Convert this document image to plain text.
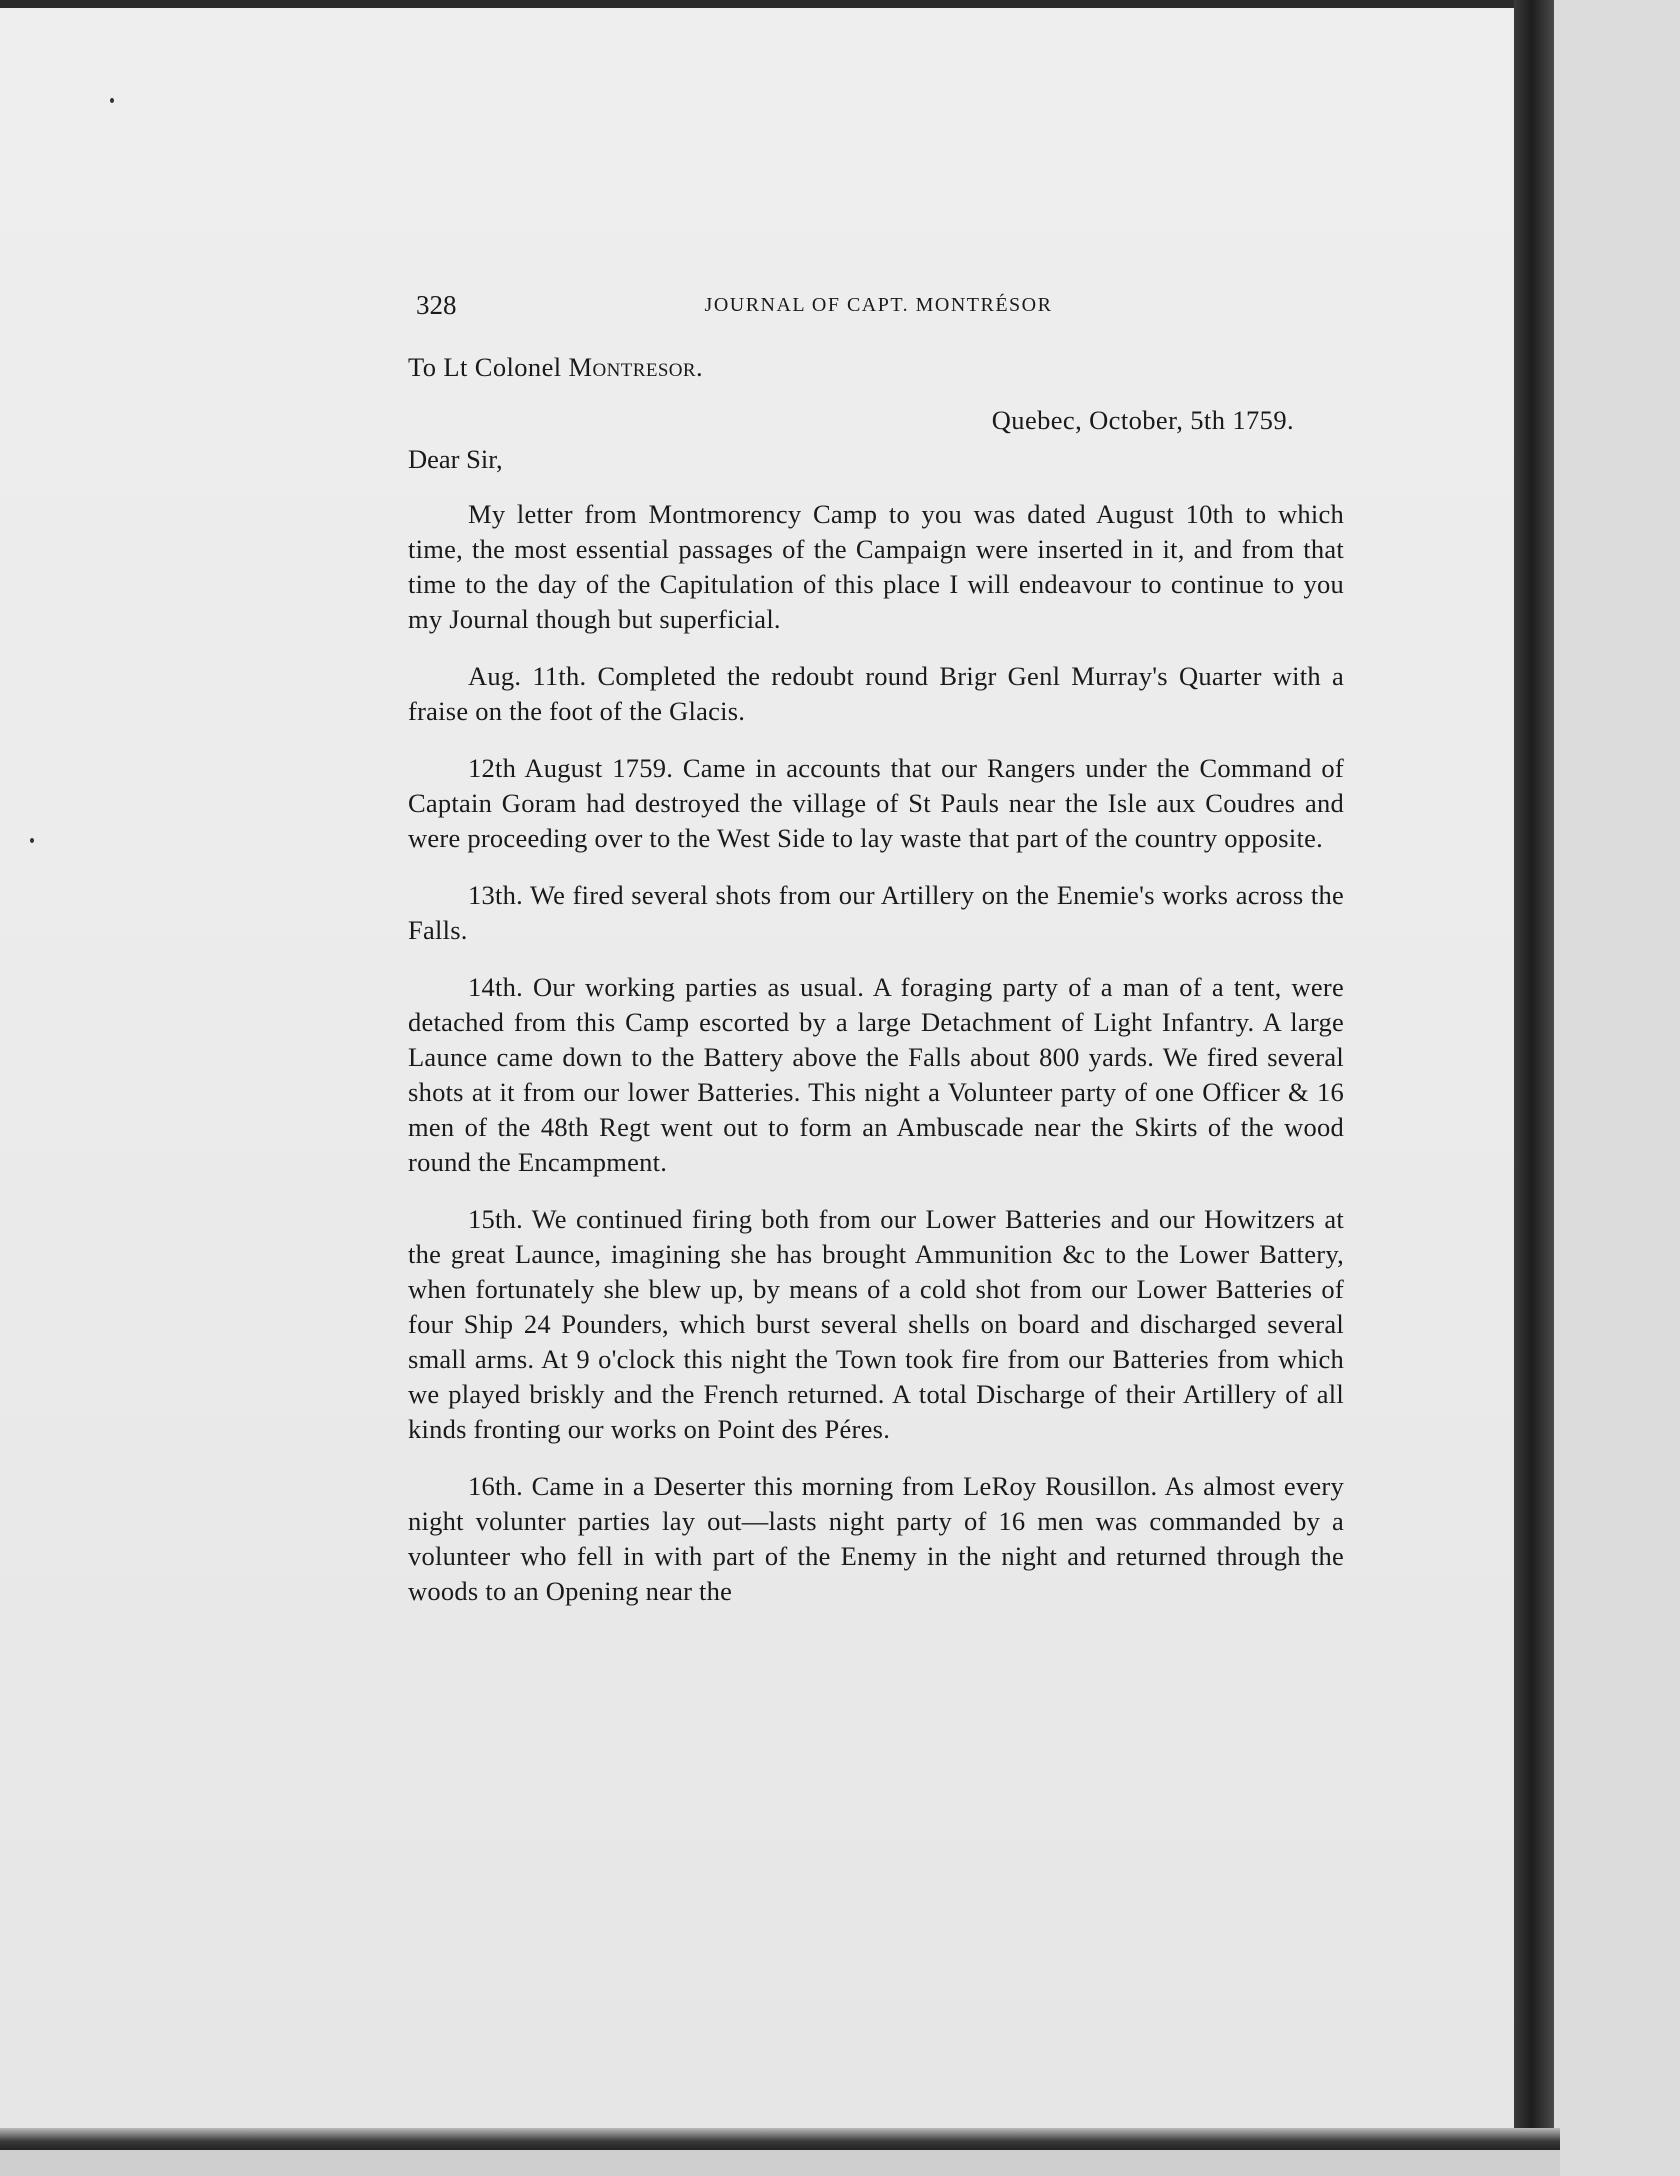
328	JOURNAL OF CAPT. MONTRÉSOR

To Lt Colonel Montresor.

Quebec, October, 5th 1759.

Dear Sir,

My letter from Montmorency Camp to you was dated August 10th to which time, the most essential passages of the Campaign were inserted in it, and from that time to the day of the Capitulation of this place I will endeavour to continue to you my Journal though but superficial.

Aug. 11th. Completed the redoubt round Brigr Genl Murray's Quarter with a fraise on the foot of the Glacis.

12th August 1759. Came in accounts that our Rangers under the Command of Captain Goram had destroyed the village of St Pauls near the Isle aux Coudres and were proceeding over to the West Side to lay waste that part of the country opposite.

13th. We fired several shots from our Artillery on the Enemie's works across the Falls.

14th. Our working parties as usual. A foraging party of a man of a tent, were detached from this Camp escorted by a large Detachment of Light Infantry. A large Launce came down to the Battery above the Falls about 800 yards. We fired several shots at it from our lower Batteries. This night a Volunteer party of one Officer & 16 men of the 48th Regt went out to form an Ambuscade near the Skirts of the wood round the Encampment.

15th. We continued firing both from our Lower Batteries and our Howitzers at the great Launce, imagining she has brought Ammunition &c to the Lower Battery, when fortunately she blew up, by means of a cold shot from our Lower Batteries of four Ship 24 Pounders, which burst several shells on board and discharged several small arms. At 9 o'clock this night the Town took fire from our Batteries from which we played briskly and the French returned. A total Discharge of their Artillery of all kinds fronting our works on Point des Péres.

16th. Came in a Deserter this morning from LeRoy Rousillon. As almost every night volunter parties lay out—lasts night party of 16 men was commanded by a volunteer who fell in with part of the Enemy in the night and returned through the woods to an Opening near the
